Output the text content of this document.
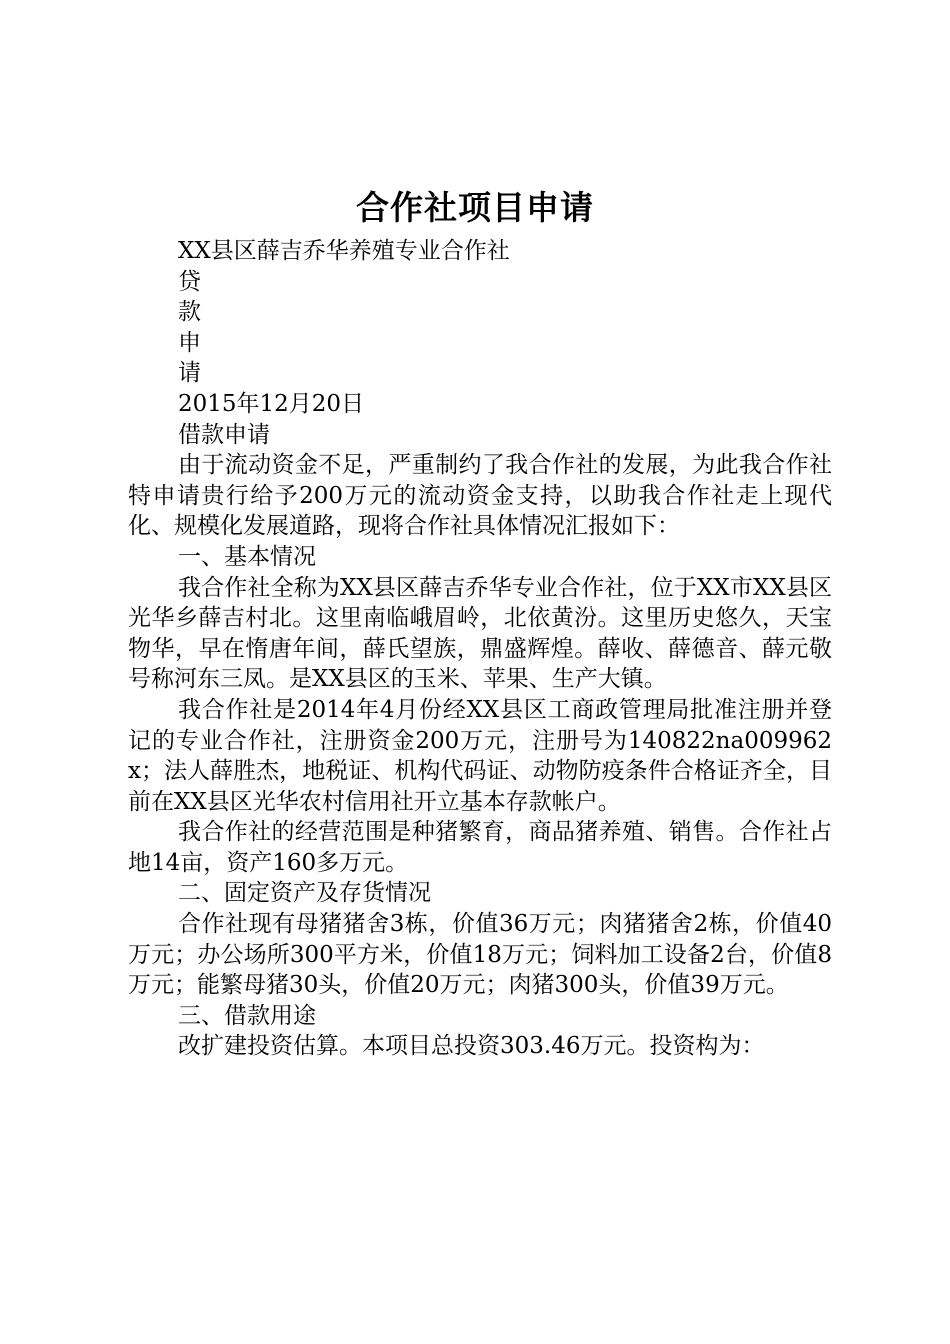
合作社项目申请

XX县区薛吉乔华养殖专业合作社

贷

款

申

请

2015年12月20日

借款申请

由于流动资金不足，严重制约了我合作社的发展，为此我合作社特申请贵行给予200万元的流动资金支持，以助我合作社走上现代化、规模化发展道路，现将合作社具体情况汇报如下：

一、基本情况

我合作社全称为XX县区薛吉乔华专业合作社，位于XX市XX县区光华乡薛吉村北。这里南临峨眉岭，北依黄汾。这里历史悠久，天宝物华，早在惰唐年间，薛氏望族，鼎盛辉煌。薛收、薛德音、薛元敬号称河东三凤。是XX县区的玉米、苹果、生产大镇。

我合作社是2014年4月份经XX县区工商政管理局批准注册并登记的专业合作社，注册资金200万元，注册号为140822na009962x；法人薛胜杰，地税证、机构代码证、动物防疫条件合格证齐全，目前在XX县区光华农村信用社开立基本存款帐户。

我合作社的经营范围是种猪繁育，商品猪养殖、销售。合作社占地14亩，资产160多万元。

二、固定资产及存货情况

合作社现有母猪猪舍3栋，价值36万元；肉猪猪舍2栋，价值40万元；办公场所300平方米，价值18万元；饲料加工设备2台，价值8万元；能繁母猪30头，价值20万元；肉猪300头，价值39万元。

三、借款用途

改扩建投资估算。本项目总投资303.46万元。投资构为：
